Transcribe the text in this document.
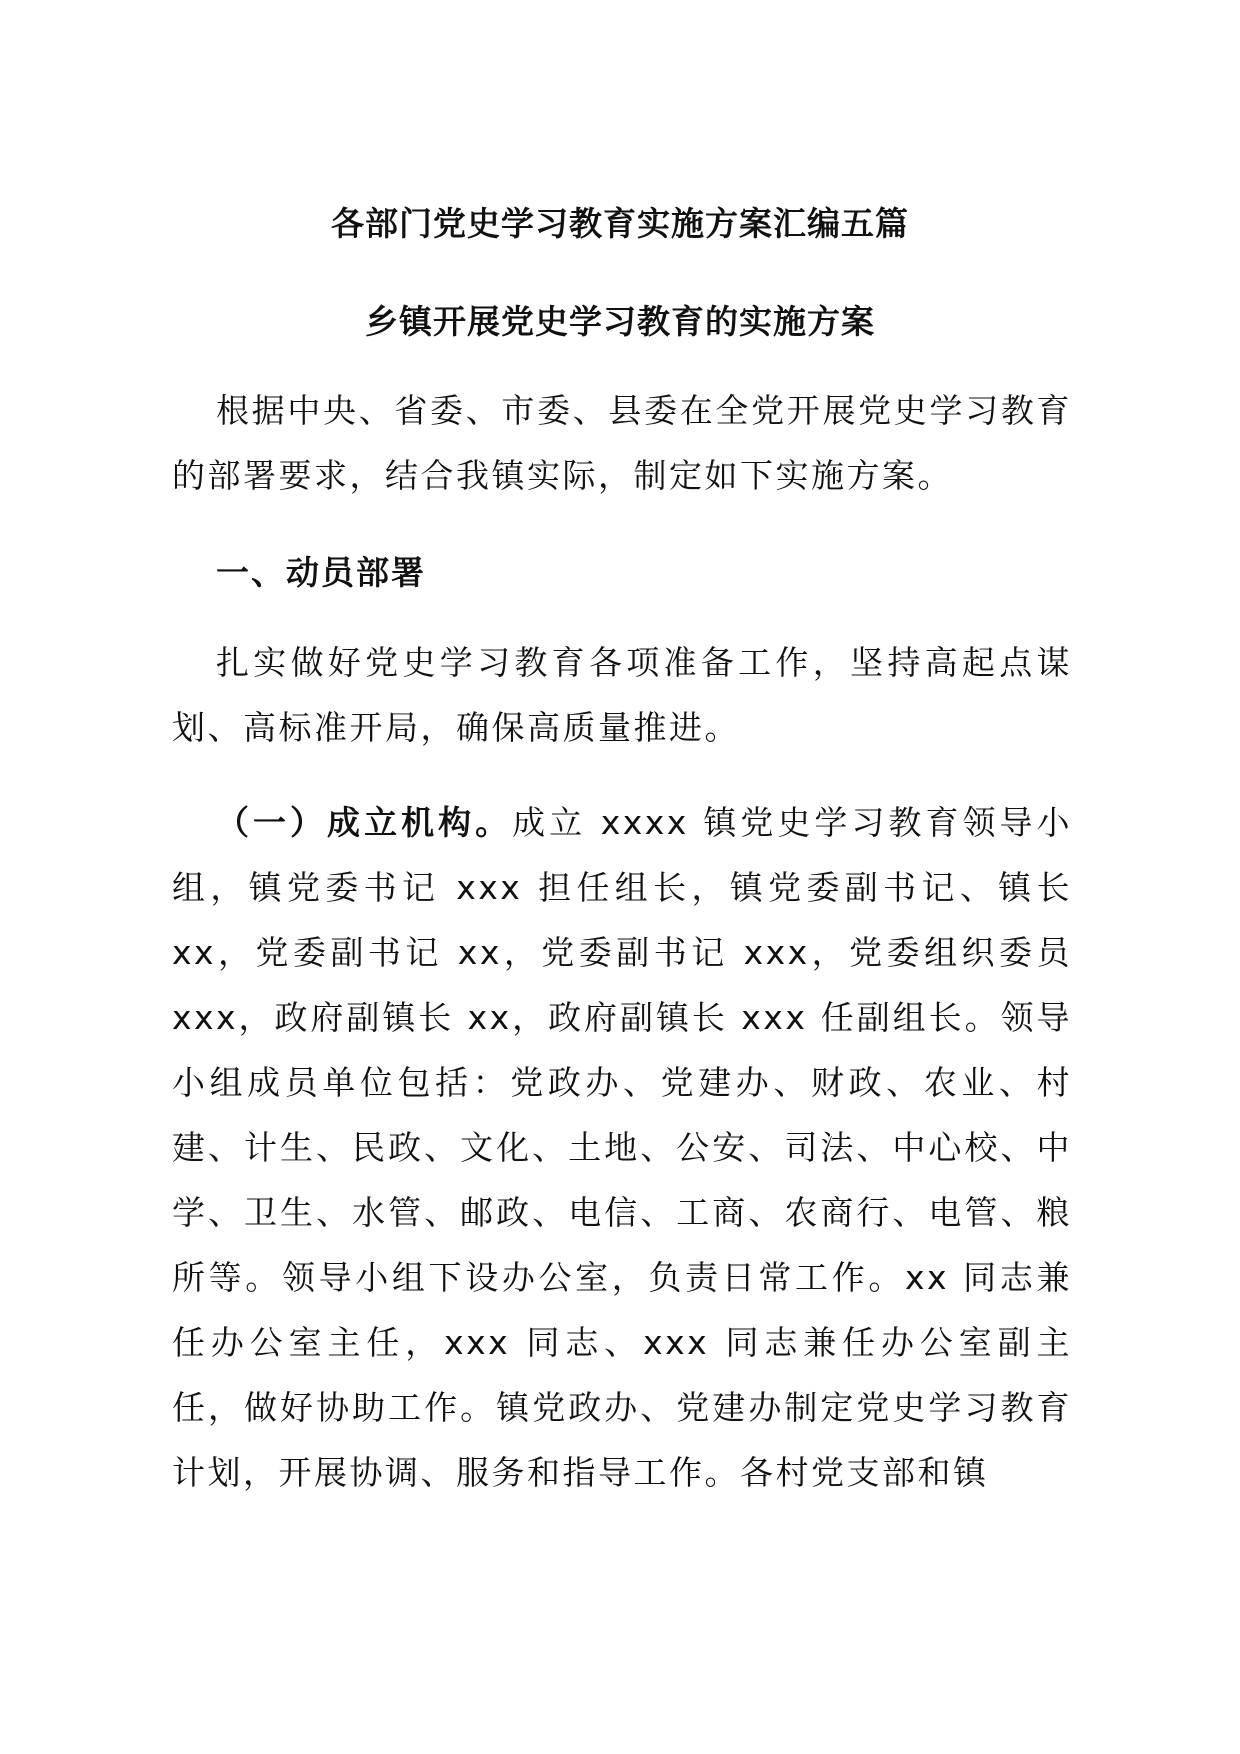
各部门党史学习教育实施方案汇编五篇
乡镇开展党史学习教育的实施方案

根据中央、省委、市委、县委在全党开展党史学习教育的部署要求，结合我镇实际，制定如下实施方案。

一、动员部署

扎实做好党史学习教育各项准备工作，坚持高起点谋划、高标准开局，确保高质量推进。

（一）成立机构。成立 xxxx 镇党史学习教育领导小组，镇党委书记 xxx 担任组长，镇党委副书记、镇长 xx，党委副书记 xx，党委副书记 xxx，党委组织委员 xxx，政府副镇长 xx，政府副镇长 xxx 任副组长。领导小组成员单位包括：党政办、党建办、财政、农业、村建、计生、民政、文化、土地、公安、司法、中心校、中学、卫生、水管、邮政、电信、工商、农商行、电管、粮所等。领导小组下设办公室，负责日常工作。xx 同志兼任办公室主任，xxx 同志、xxx 同志兼任办公室副主任，做好协助工作。镇党政办、党建办制定党史学习教育计划，开展协调、服务和指导工作。各村党支部和镇
